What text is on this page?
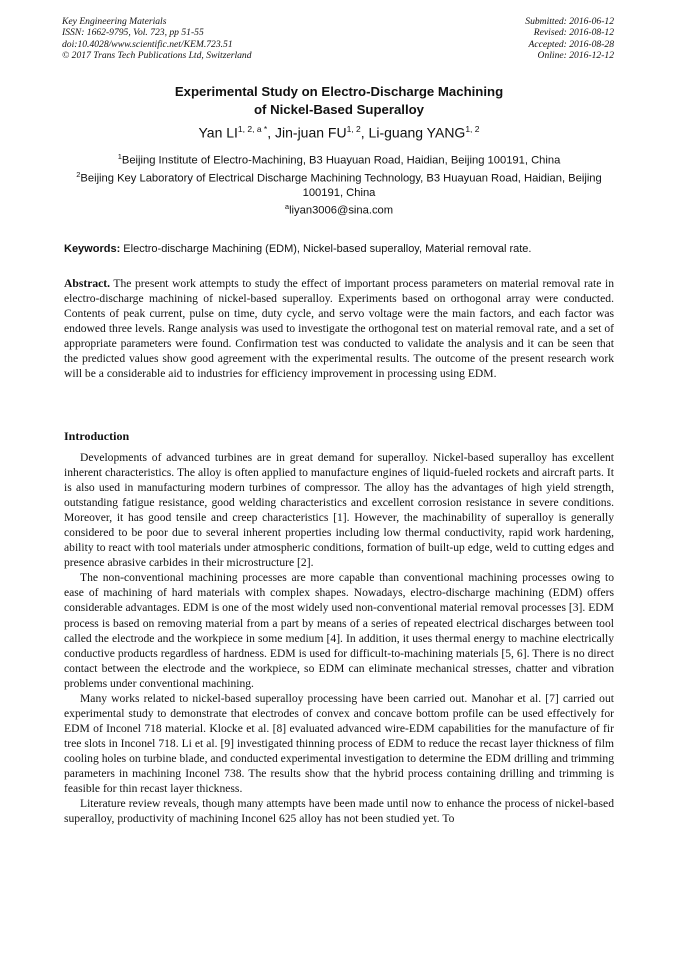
Key Engineering Materials
ISSN: 1662-9795, Vol. 723, pp 51-55
doi:10.4028/www.scientific.net/KEM.723.51
© 2017 Trans Tech Publications Ltd, Switzerland
Submitted: 2016-06-12
Revised: 2016-08-12
Accepted: 2016-08-28
Online: 2016-12-12
Experimental Study on Electro-Discharge Machining
of Nickel-Based Superalloy
Yan $LI^{1, 2, a *}$, Jin-juan FU$^{1, 2}$, Li-guang YANG$^{1, 2}$
$^1$Beijing Institute of Electro-Machining, B3 Huayuan Road, Haidian, Beijing 100191, China
$^2$Beijing Key Laboratory of Electrical Discharge Machining Technology, B3 Huayuan Road, Haidian, Beijing 100191, China
$^a$liyan3006@sina.com
Keywords: Electro-discharge Machining (EDM), Nickel-based superalloy, Material removal rate.
Abstract. The present work attempts to study the effect of important process parameters on material removal rate in electro-discharge machining of nickel-based superalloy. Experiments based on orthogonal array were conducted. Contents of peak current, pulse on time, duty cycle, and servo voltage were the main factors, and each factor was endowed three levels. Range analysis was used to investigate the orthogonal test on material removal rate, and a set of appropriate parameters were found. Confirmation test was conducted to validate the analysis and it can be seen that the predicted values show good agreement with the experimental results. The outcome of the present research work will be a considerable aid to industries for efficiency improvement in processing using EDM.
Introduction

Developments of advanced turbines are in great demand for superalloy. Nickel-based superalloy has excellent inherent characteristics. The alloy is often applied to manufacture engines of liquid-fueled rockets and aircraft parts. It is also used in manufacturing modern turbines of compressor. The alloy has the advantages of high yield strength, outstanding fatigue resistance, good welding characteristics and excellent corrosion resistance in severe conditions. Moreover, it has good tensile and creep characteristics [1]. However, the machinability of superalloy is generally considered to be poor due to several inherent properties including low thermal conductivity, rapid work hardening, ability to react with tool materials under atmospheric conditions, formation of built-up edge, weld to cutting edges and presence abrasive carbides in their microstructure [2].

The non-conventional machining processes are more capable than conventional machining processes owing to ease of machining of hard materials with complex shapes. Nowadays, electro-discharge machining (EDM) offers considerable advantages. EDM is one of the most widely used non-conventional material removal processes [3]. EDM process is based on removing material from a part by means of a series of repeated electrical discharges between tool called the electrode and the workpiece in some medium [4]. In addition, it uses thermal energy to machine electrically conductive products regardless of hardness. EDM is used for difficult-to-machining materials [5, 6]. There is no direct contact between the electrode and the workpiece, so EDM can eliminate mechanical stresses, chatter and vibration problems under conventional machining.

Many works related to nickel-based superalloy processing have been carried out. Manohar et al. [7] carried out experimental study to demonstrate that electrodes of convex and concave bottom profile can be used effectively for EDM of Inconel 718 material. Klocke et al. [8] evaluated advanced wire-EDM capabilities for the manufacture of fir tree slots in Inconel 718. Li et al. [9] investigated thinning process of EDM to reduce the recast layer thickness of film cooling holes on turbine blade, and conducted experimental investigation to determine the EDM drilling and trimming parameters in machining Inconel 738. The results show that the hybrid process containing drilling and trimming is feasible for thin recast layer thickness.

Literature review reveals, though many attempts have been made until now to enhance the process of nickel-based superalloy, productivity of machining Inconel 625 alloy has not been studied yet. To
